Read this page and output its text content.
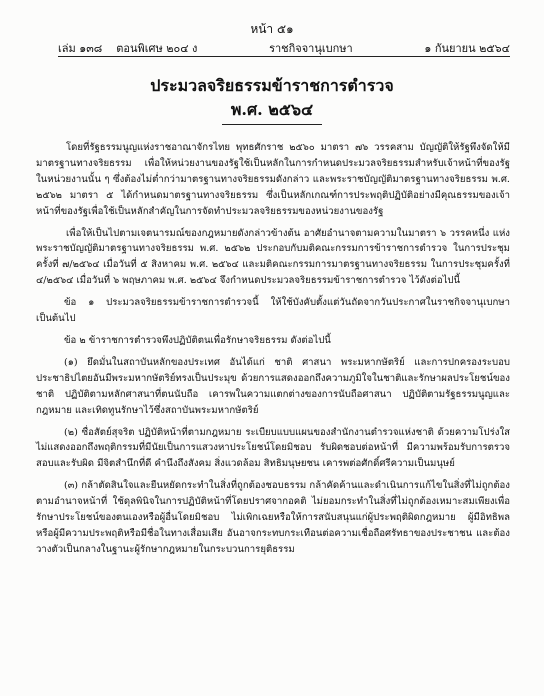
หน้า ๕๑
เล่ม ๑๓๘ ตอนพิเศษ ๒๐๔ ง	ราชกิจจานุเบกษา	๑ กันยายน ๒๕๖๔
ประมวลจริยธรรมข้าราชการตำรวจ
พ.ศ. ๒๕๖๔

โดยที่รัฐธรรมนูญแห่งราชอาณาจักรไทย พุทธศักราช ๒๕๖๐ มาตรา ๗๖ วรรคสาม บัญญัติให้รัฐพึงจัดให้มีมาตรฐานทางจริยธรรม เพื่อให้หน่วยงานของรัฐใช้เป็นหลักในการกำหนดประมวลจริยธรรมสำหรับเจ้าหน้าที่ของรัฐในหน่วยงานนั้น ๆ ซึ่งต้องไม่ต่ำกว่ามาตรฐานทางจริยธรรมดังกล่าว และพระราชบัญญัติมาตรฐานทางจริยธรรม พ.ศ. ๒๕๖๒ มาตรา ๕ ได้กำหนดมาตรฐานทางจริยธรรม ซึ่งเป็นหลักเกณฑ์การประพฤติปฏิบัติอย่างมีคุณธรรมของเจ้าหน้าที่ของรัฐเพื่อใช้เป็นหลักสำคัญในการจัดทำประมวลจริยธรรมของหน่วยงานของรัฐ

เพื่อให้เป็นไปตามเจตนารมณ์ของกฎหมายดังกล่าวข้างต้น อาศัยอำนาจตามความในมาตรา ๖ วรรคหนึ่ง แห่งพระราชบัญญัติมาตรฐานทางจริยธรรม พ.ศ. ๒๕๖๒ ประกอบกับมติคณะกรรมการข้าราชการตำรวจ ในการประชุมครั้งที่ ๗/๒๕๖๔ เมื่อวันที่ ๕ สิงหาคม พ.ศ. ๒๕๖๔ และมติคณะกรรมการมาตรฐานทางจริยธรรม ในการประชุมครั้งที่ ๔/๒๕๖๔ เมื่อวันที่ ๖ พฤษภาคม พ.ศ. ๒๕๖๔ จึงกำหนดประมวลจริยธรรมข้าราชการตำรวจ ไว้ดังต่อไปนี้

ข้อ ๑ ประมวลจริยธรรมข้าราชการตำรวจนี้ ให้ใช้บังคับตั้งแต่วันถัดจากวันประกาศในราชกิจจานุเบกษาเป็นต้นไป

ข้อ ๒ ข้าราชการตำรวจพึงปฏิบัติตนเพื่อรักษาจริยธรรม ดังต่อไปนี้

(๑) ยึดมั่นในสถาบันหลักของประเทศ อันได้แก่ ชาติ ศาสนา พระมหากษัตริย์ และการปกครองระบอบประชาธิปไตยอันมีพระมหากษัตริย์ทรงเป็นประมุข ด้วยการแสดงออกถึงความภูมิใจในชาติและรักษาผลประโยชน์ของชาติ ปฏิบัติตามหลักศาสนาที่ตนนับถือ เคารพในความแตกต่างของการนับถือศาสนา ปฏิบัติตามรัฐธรรมนูญและกฎหมาย และเทิดทูนรักษาไว้ซึ่งสถาบันพระมหากษัตริย์

(๒) ซื่อสัตย์สุจริต ปฏิบัติหน้าที่ตามกฎหมาย ระเบียบแบบแผนของสำนักงานตำรวจแห่งชาติ ด้วยความโปร่งใส ไม่แสดงออกถึงพฤติกรรมที่มีนัยเป็นการแสวงหาประโยชน์โดยมิชอบ รับผิดชอบต่อหน้าที่ มีความพร้อมรับการตรวจสอบและรับผิด มีจิตสำนึกที่ดี คำนึงถึงสังคม สิ่งแวดล้อม สิทธิมนุษยชน เคารพต่อศักดิ์ศรีความเป็นมนุษย์

(๓) กล้าตัดสินใจและยืนหยัดกระทำในสิ่งที่ถูกต้องชอบธรรม กล้าคัดค้านและดำเนินการแก้ไขในสิ่งที่ไม่ถูกต้องตามอำนาจหน้าที่ ใช้ดุลพินิจในการปฏิบัติหน้าที่โดยปราศจากอคติ ไม่ยอมกระทำในสิ่งที่ไม่ถูกต้องเหมาะสมเพียงเพื่อรักษาประโยชน์ของตนเองหรือผู้อื่นโดยมิชอบ ไม่เพิกเฉยหรือให้การสนับสนุนแก่ผู้ประพฤติผิดกฎหมาย ผู้มีอิทธิพล หรือผู้มีความประพฤติหรือมีชื่อในทางเสื่อมเสีย อันอาจกระทบกระเทือนต่อความเชื่อถือศรัทธาของประชาชน และต้องวางตัวเป็นกลางในฐานะผู้รักษากฎหมายในกระบวนการยุติธรรม
